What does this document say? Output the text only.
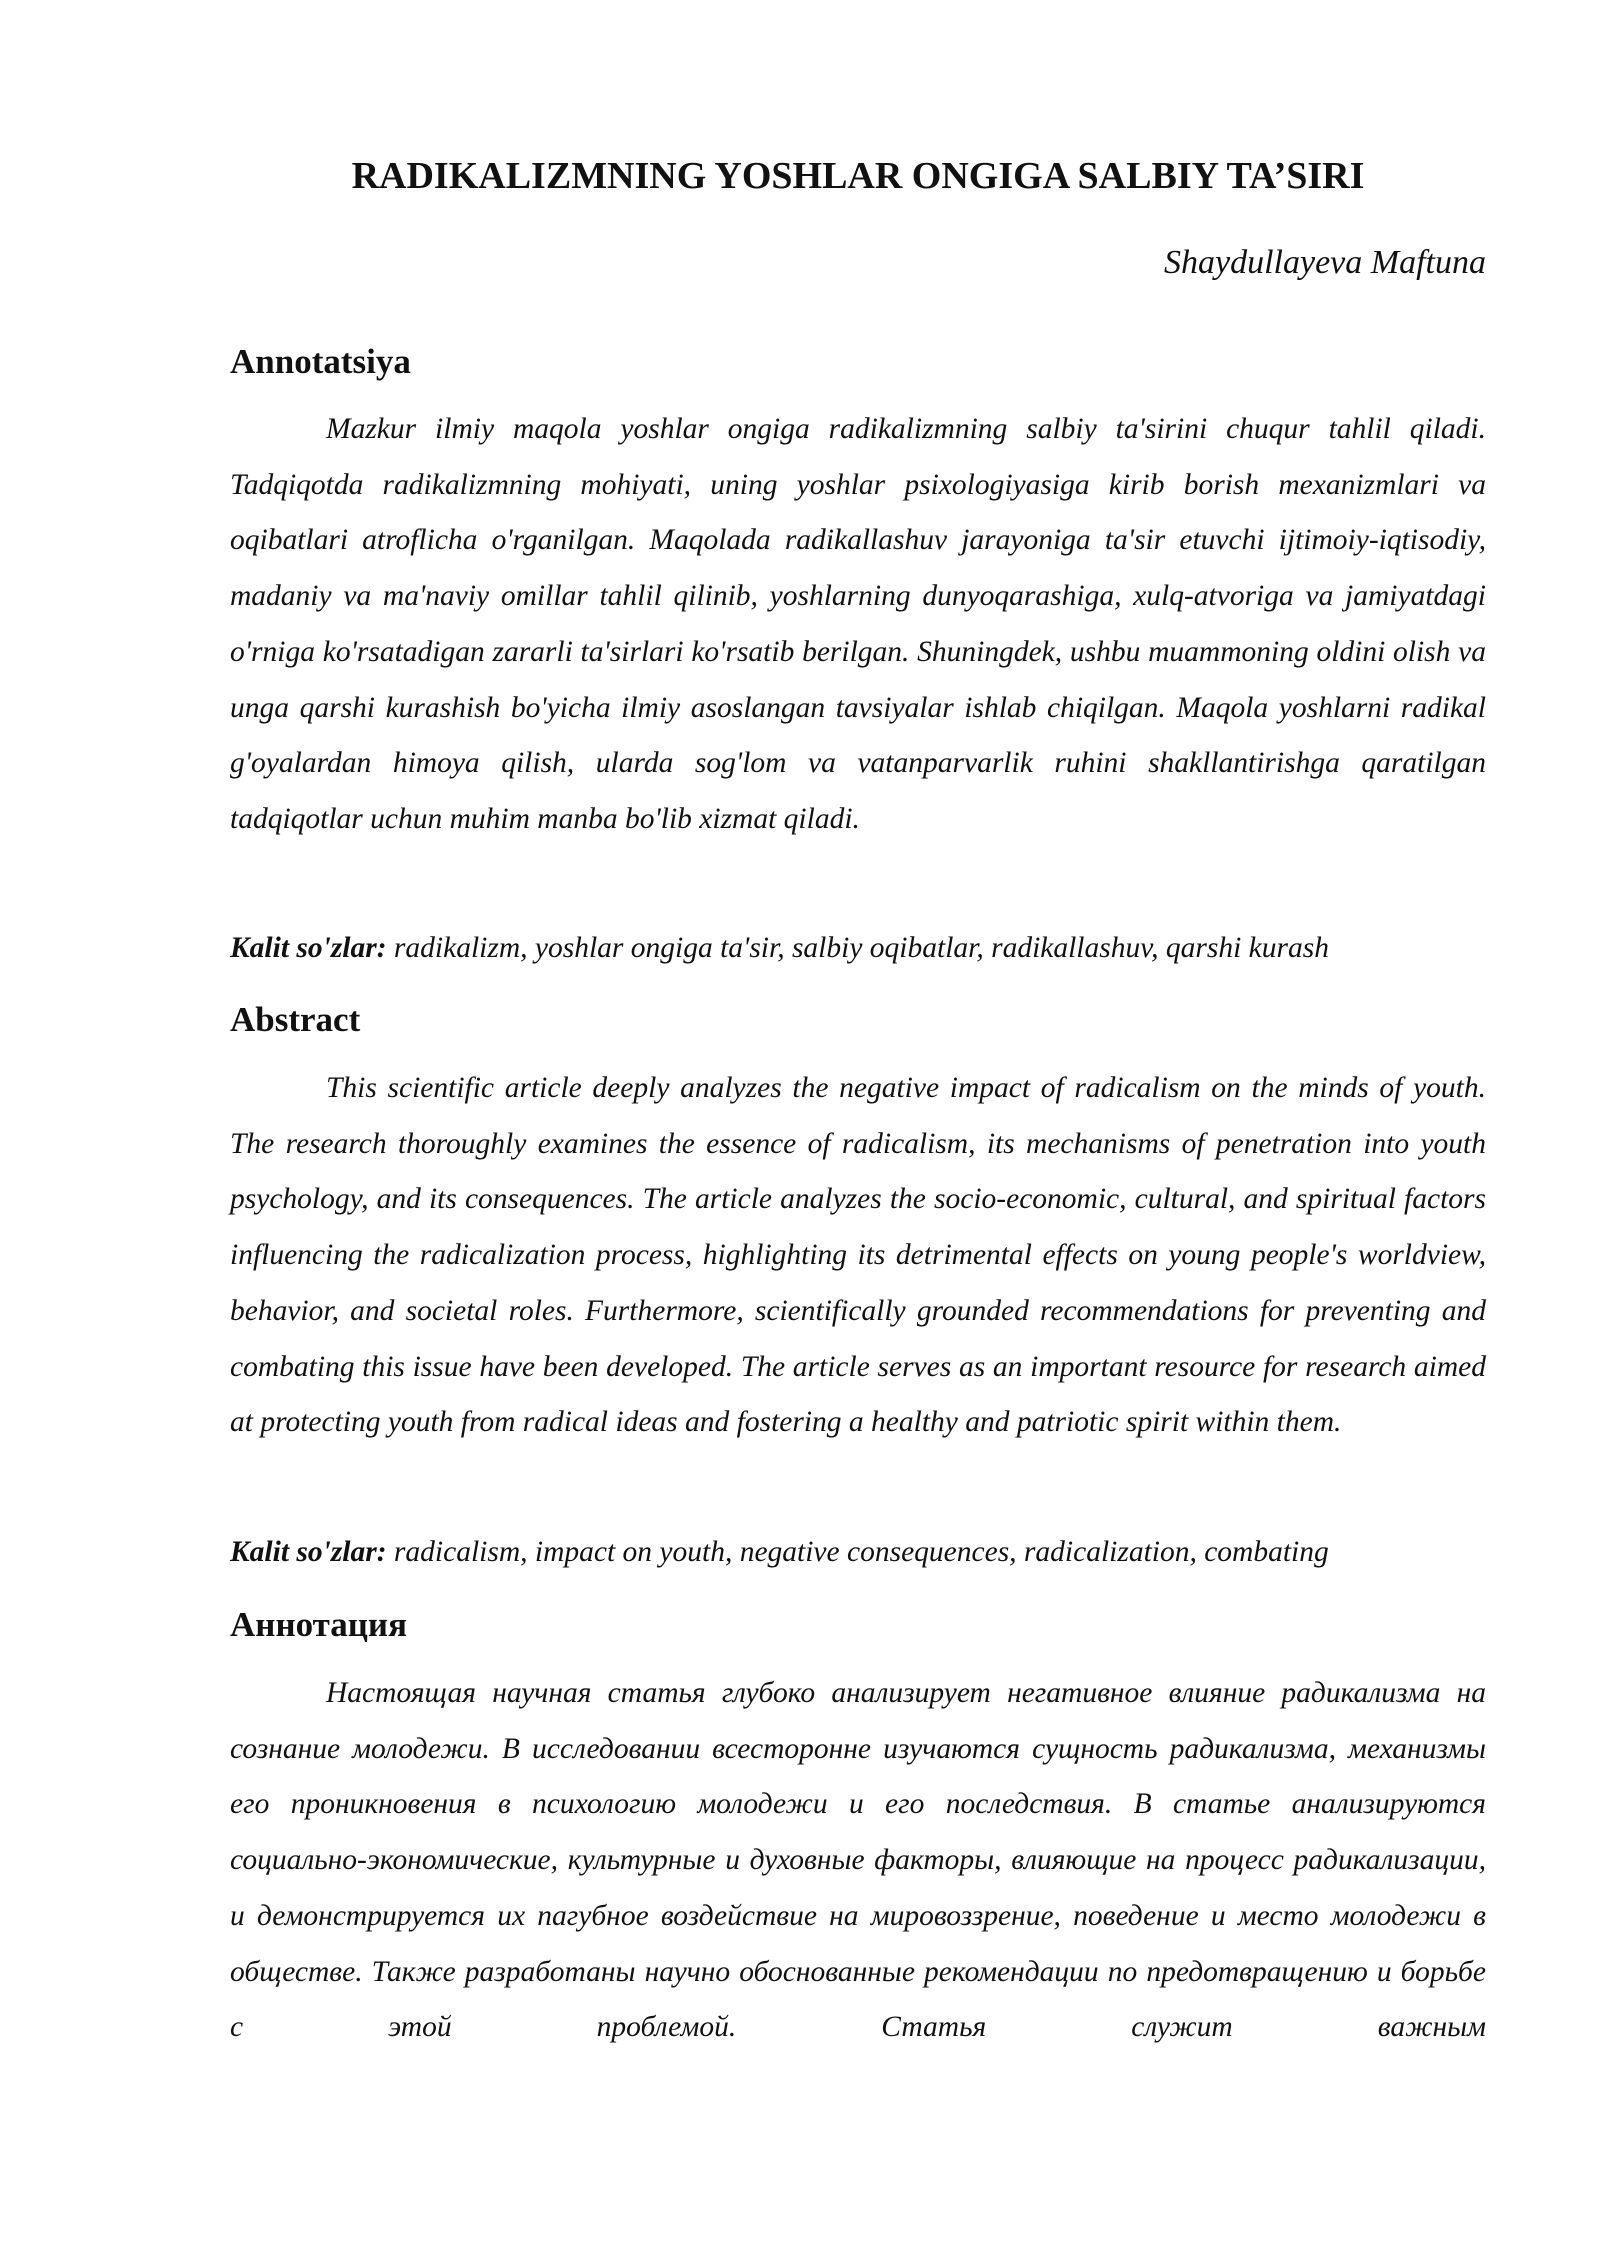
RADIKALIZMNING YOSHLAR ONGIGA SALBIY TA’SIRI

Shaydullayeva Maftuna

Annotatsiya

Mazkur ilmiy maqola yoshlar ongiga radikalizmning salbiy ta'sirini chuqur tahlil qiladi. Tadqiqotda radikalizmning mohiyati, uning yoshlar psixologiyasiga kirib borish mexanizmlari va oqibatlari atroflicha o'rganilgan. Maqolada radikallashuv jarayoniga ta'sir etuvchi ijtimoiy-iqtisodiy, madaniy va ma'naviy omillar tahlil qilinib, yoshlarning dunyoqarashiga, xulq-atvoriga va jamiyatdagi o'rniga ko'rsatadigan zararli ta'sirlari ko'rsatib berilgan. Shuningdek, ushbu muammoning oldini olish va unga qarshi kurashish bo'yicha ilmiy asoslangan tavsiyalar ishlab chiqilgan. Maqola yoshlarni radikal g'oyalardan himoya qilish, ularda sog'lom va vatanparvarlik ruhini shakllantirishga qaratilgan tadqiqotlar uchun muhim manba bo'lib xizmat qiladi.

Kalit so'zlar: radikalizm, yoshlar ongiga ta'sir, salbiy oqibatlar, radikallashuv, qarshi kurash

Abstract

This scientific article deeply analyzes the negative impact of radicalism on the minds of youth. The research thoroughly examines the essence of radicalism, its mechanisms of penetration into youth psychology, and its consequences. The article analyzes the socio-economic, cultural, and spiritual factors influencing the radicalization process, highlighting its detrimental effects on young people's worldview, behavior, and societal roles. Furthermore, scientifically grounded recommendations for preventing and combating this issue have been developed. The article serves as an important resource for research aimed at protecting youth from radical ideas and fostering a healthy and patriotic spirit within them.

Kalit so'zlar: radicalism, impact on youth, negative consequences, radicalization, combating

Аннотация

Настоящая научная статья глубоко анализирует негативное влияние радикализма на сознание молодежи. В исследовании всесторонне изучаются сущность радикализма, механизмы его проникновения в психологию молодежи и его последствия. В статье анализируются социально-экономические, культурные и духовные факторы, влияющие на процесс радикализации, и демонстрируется их пагубное воздействие на мировоззрение, поведение и место молодежи в обществе. Также разработаны научно обоснованные рекомендации по предотвращению и борьбе с этой проблемой. Статья служит важным
